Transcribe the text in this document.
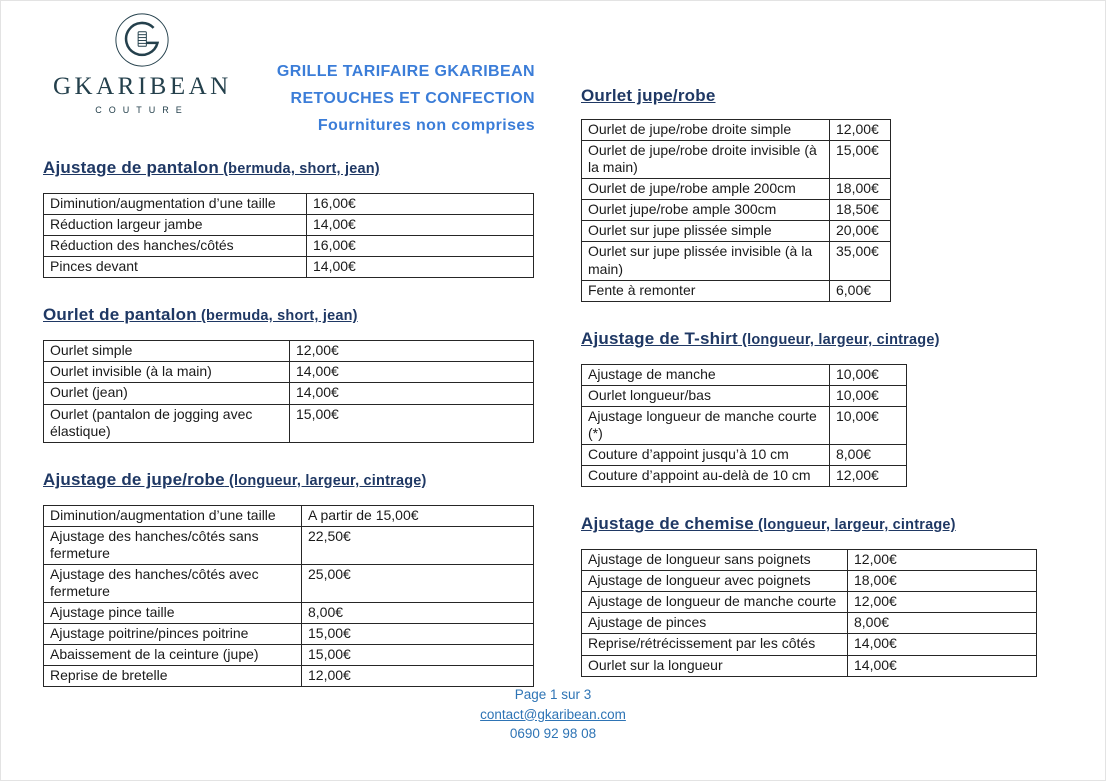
GKARIBEAN
COUTURE
GRILLE TARIFAIRE GKARIBEAN
RETOUCHES ET CONFECTION
Fournitures non comprises
Ajustage de pantalon (bermuda, short, jean)
Diminution/augmentation d’une taille	16,00€
Réduction largeur jambe	14,00€
Réduction des hanches/côtés	16,00€
Pinces devant	14,00€
Ourlet de pantalon (bermuda, short, jean)
Ourlet simple	12,00€
Ourlet invisible (à la main)	14,00€
Ourlet (jean)	14,00€
Ourlet (pantalon de jogging avec élastique)	15,00€
Ajustage de jupe/robe (longueur, largeur, cintrage)
Diminution/augmentation d’une taille	A partir de 15,00€
Ajustage des hanches/côtés sans fermeture	22,50€
Ajustage des hanches/côtés avec fermeture	25,00€
Ajustage pince taille	8,00€
Ajustage poitrine/pinces poitrine	15,00€
Abaissement de la ceinture (jupe)	15,00€
Reprise de bretelle	12,00€
Ourlet jupe/robe
Ourlet de jupe/robe droite simple	12,00€
Ourlet de jupe/robe droite invisible (à la main)	15,00€
Ourlet de jupe/robe ample 200cm	18,00€
Ourlet jupe/robe ample 300cm	18,50€
Ourlet sur jupe plissée simple	20,00€
Ourlet sur jupe plissée invisible (à la main)	35,00€
Fente à remonter	6,00€
Ajustage de T-shirt (longueur, largeur, cintrage)
Ajustage de manche	10,00€
Ourlet longueur/bas	10,00€
Ajustage longueur de manche courte (*)	10,00€
Couture d’appoint jusqu’à 10 cm	8,00€
Couture d’appoint au-delà de 10 cm	12,00€
Ajustage de chemise (longueur, largeur, cintrage)
Ajustage de longueur sans poignets	12,00€
Ajustage de longueur avec poignets	18,00€
Ajustage de longueur de manche courte	12,00€
Ajustage de pinces	8,00€
Reprise/rétrécissement par les côtés	14,00€
Ourlet sur la longueur	14,00€
Page 1 sur 3
contact@gkaribean.com
0690 92 98 08
